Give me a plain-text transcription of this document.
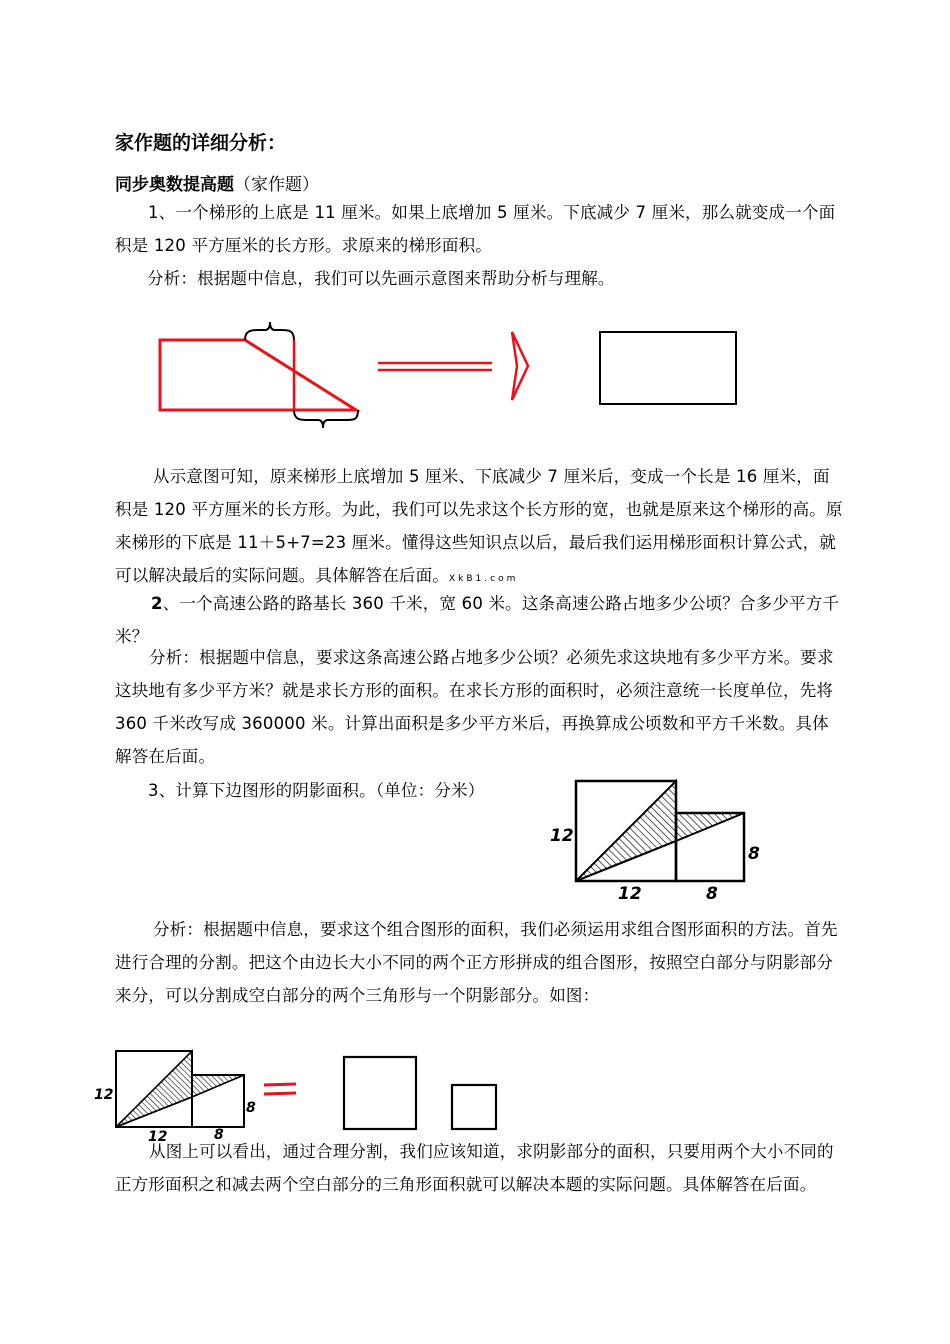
家作题的详细分析：
同步奥数提高题（家作题）

1、一个梯形的上底是 11 厘米。如果上底增加 5 厘米。下底减少 7 厘米，那么就变成一个面积是 120 平方厘米的长方形。求原来的梯形面积。

分析：根据题中信息，我们可以先画示意图来帮助分析与理解。

从示意图可知，原来梯形上底增加 5 厘米、下底减少 7 厘米后，变成一个长是 16 厘米，面积是 120 平方厘米的长方形。为此，我们可以先求这个长方形的宽，也就是原来这个梯形的高。原来梯形的下底是 11＋5+7=23 厘米。懂得这些知识点以后，最后我们运用梯形面积计算公式，就可以解决最后的实际问题。具体解答在后面。XkB1.com

2、一个高速公路的路基长 360 千米，宽 60 米。这条高速公路占地多少公顷？合多少平方千米？

分析：根据题中信息，要求这条高速公路占地多少公顷？必须先求这块地有多少平方米。要求这块地有多少平方米？就是求长方形的面积。在求长方形的面积时，必须注意统一长度单位，先将 360 千米改写成 360000 米。计算出面积是多少平方米后，再换算成公顷数和平方千米数。具体解答在后面。

3、计算下边图形的阴影面积。（单位：分米）
12
12	8
8

分析：根据题中信息，要求这个组合图形的面积，我们必须运用求组合图形面积的方法。首先进行合理的分割。把这个由边长大小不同的两个正方形拼成的组合图形，按照空白部分与阴影部分来分，可以分割成空白部分的两个三角形与一个阴影部分。如图：

12
12	8
8

从图上可以看出，通过合理分割，我们应该知道，求阴影部分的面积，只要用两个大小不同的正方形面积之和减去两个空白部分的三角形面积就可以解决本题的实际问题。具体解答在后面。
